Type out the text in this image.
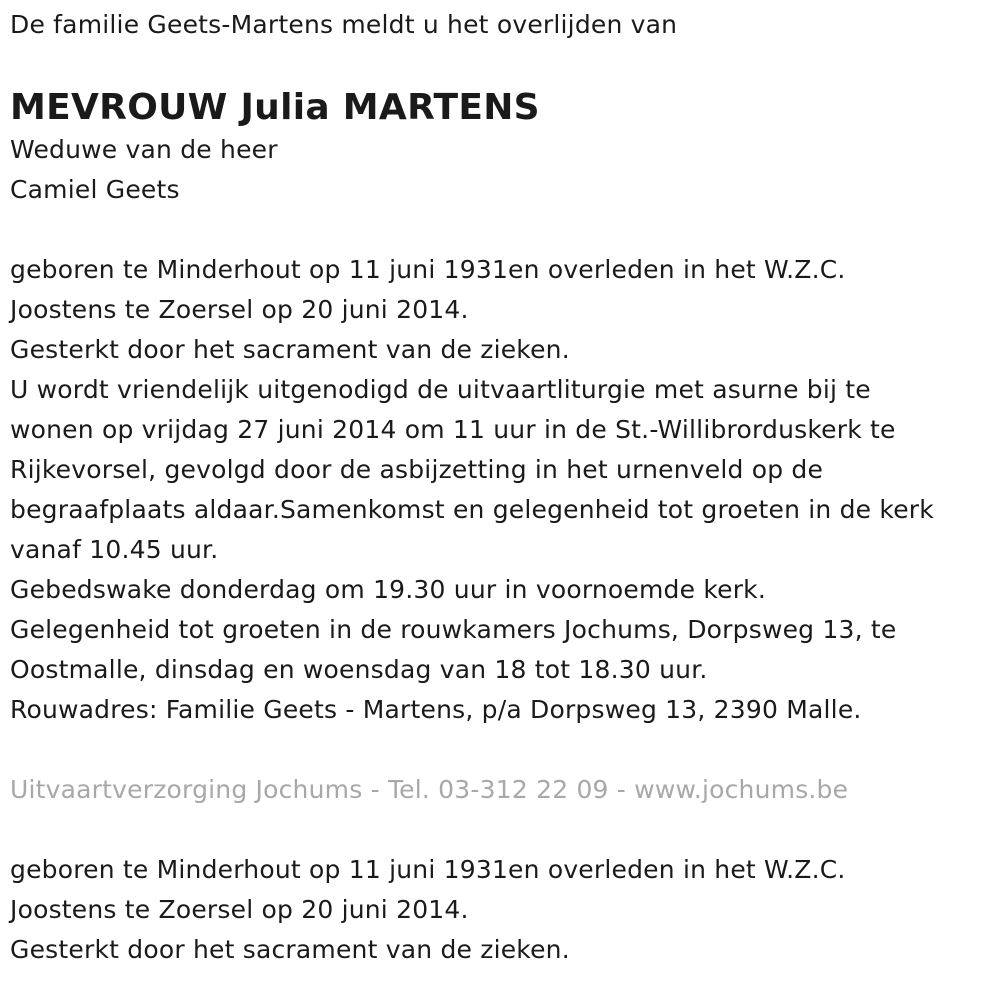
De familie Geets-Martens meldt u het overlijden van
MEVROUW Julia MARTENS
Weduwe van de heer
Camiel Geets
geboren te Minderhout op 11 juni 1931en overleden in het W.Z.C.
Joostens te Zoersel op 20 juni 2014.
Gesterkt door het sacrament van de zieken.
U wordt vriendelijk uitgenodigd de uitvaartliturgie met asurne bij te
wonen op vrijdag 27 juni 2014 om 11 uur in de St.-Willibrorduskerk te
Rijkevorsel, gevolgd door de asbijzetting in het urnenveld op de
begraafplaats aldaar.Samenkomst en gelegenheid tot groeten in de kerk
vanaf 10.45 uur.
Gebedswake donderdag om 19.30 uur in voornoemde kerk.
Gelegenheid tot groeten in de rouwkamers Jochums, Dorpsweg 13, te
Oostmalle, dinsdag en woensdag van 18 tot 18.30 uur.
Rouwadres: Familie Geets - Martens, p/a Dorpsweg 13, 2390 Malle.
Uitvaartverzorging Jochums - Tel. 03-312 22 09 - www.jochums.be
geboren te Minderhout op 11 juni 1931en overleden in het W.Z.C.
Joostens te Zoersel op 20 juni 2014.
Gesterkt door het sacrament van de zieken.
